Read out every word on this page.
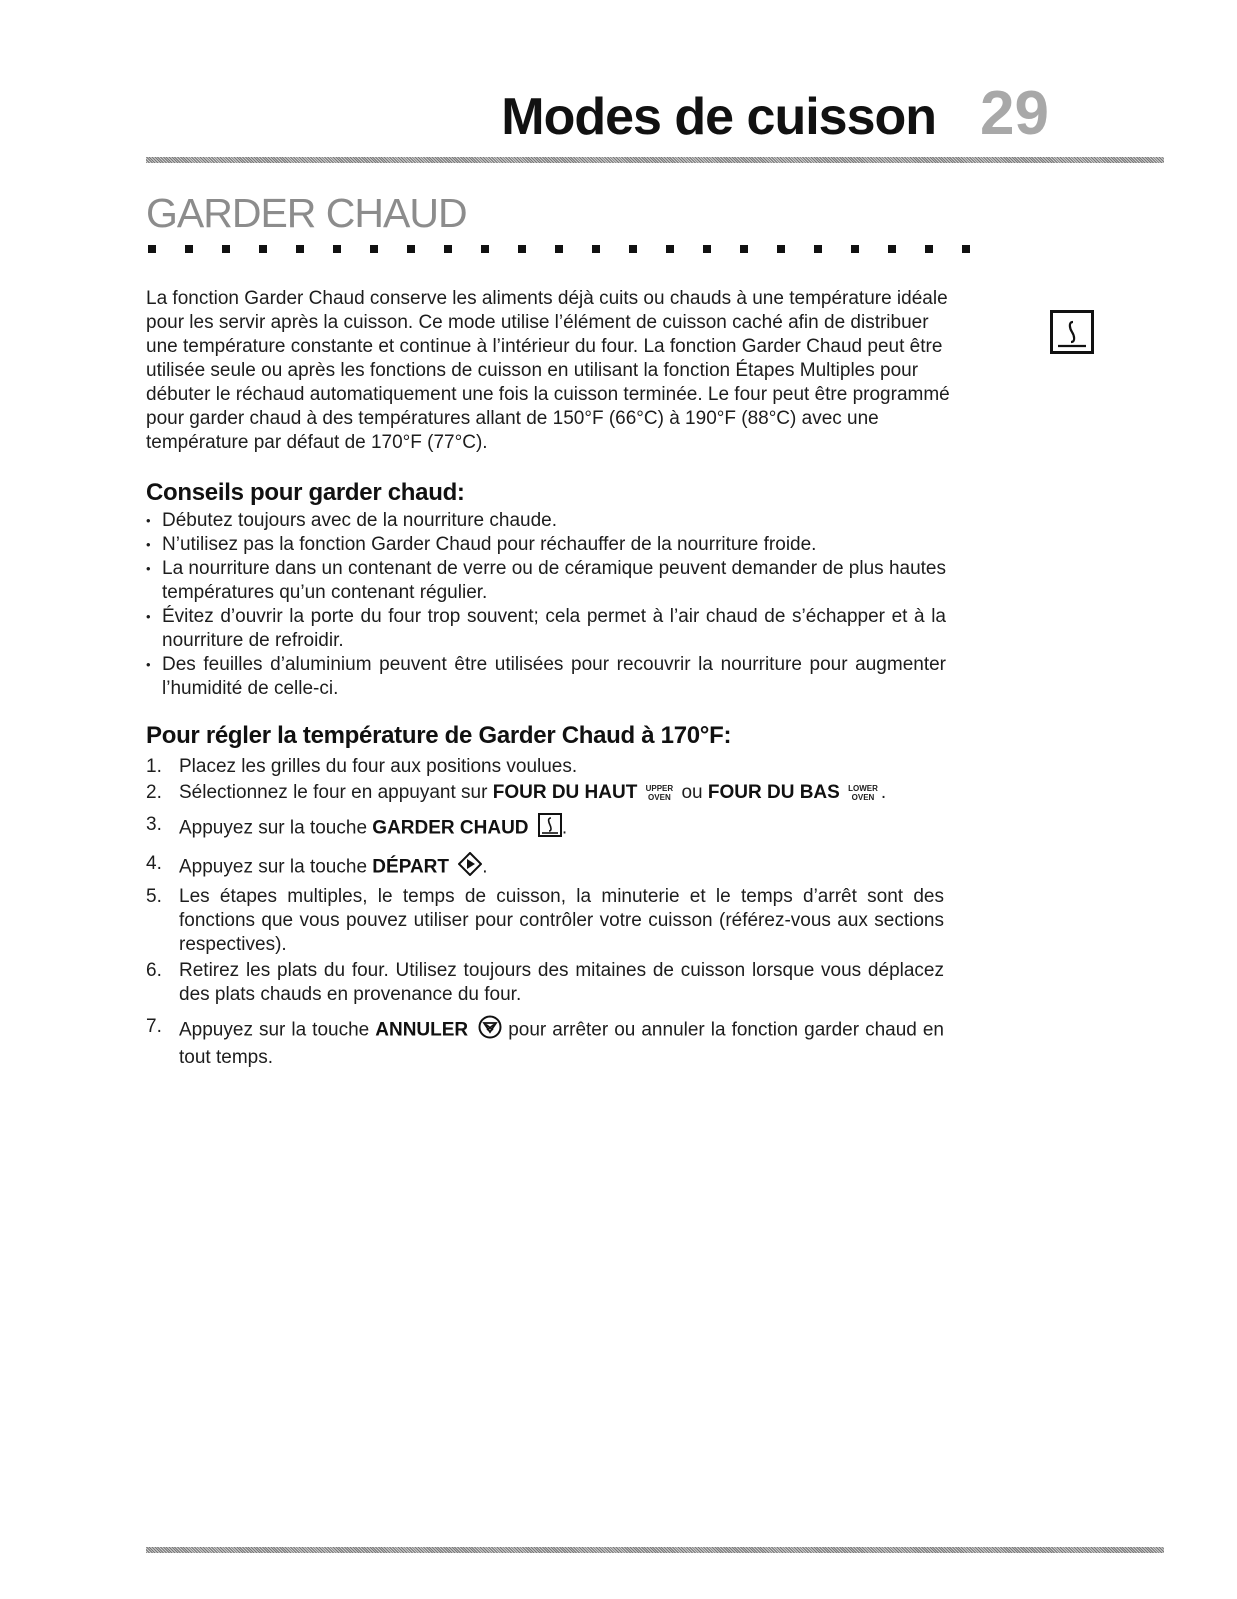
Modes de cuisson 29
GARDER CHAUD

La fonction Garder Chaud conserve les aliments déjà cuits ou chauds à une température idéale pour les servir après la cuisson. Ce mode utilise l’élément de cuisson caché afin de distribuer une température constante et continue à l’intérieur du four. La fonction Garder Chaud peut être utilisée seule ou après les fonctions de cuisson en utilisant la fonction Étapes Multiples pour débuter le réchaud automatiquement une fois la cuisson terminée. Le four peut être programmé pour garder chaud à des températures allant de 150°F (66°C) à 190°F (88°C) avec une température par défaut de 170°F (77°C).

Conseils pour garder chaud:
• Débutez toujours avec de la nourriture chaude.
• N’utilisez pas la fonction Garder Chaud pour réchauffer de la nourriture froide.
• La nourriture dans un contenant de verre ou de céramique peuvent demander de plus hautes températures qu’un contenant régulier.
• Évitez d’ouvrir la porte du four trop souvent; cela permet à l’air chaud de s’échapper et à la nourriture de refroidir.
• Des feuilles d’aluminium peuvent être utilisées pour recouvrir la nourriture pour augmenter l’humidité de celle-ci.
Pour régler la température de Garder Chaud à 170°F:
1. Placez les grilles du four aux positions voulues.
2. Sélectionnez le four en appuyant sur FOUR DU HAUT UPPER
OVEN ou FOUR DU BAS LOWER
OVEN .
3. Appuyez sur la touche GARDER CHAUD .
4. Appuyez sur la touche DÉPART .
5. Les étapes multiples, le temps de cuisson, la minuterie et le temps d’arrêt sont des fonctions que vous pouvez utiliser pour contrôler votre cuisson (référez-vous aux sections respectives).
6. Retirez les plats du four. Utilisez toujours des mitaines de cuisson lorsque vous déplacez des plats chauds en provenance du four.
7. Appuyez sur la touche ANNULER  pour arrêter ou annuler la fonction garder chaud en tout temps.
